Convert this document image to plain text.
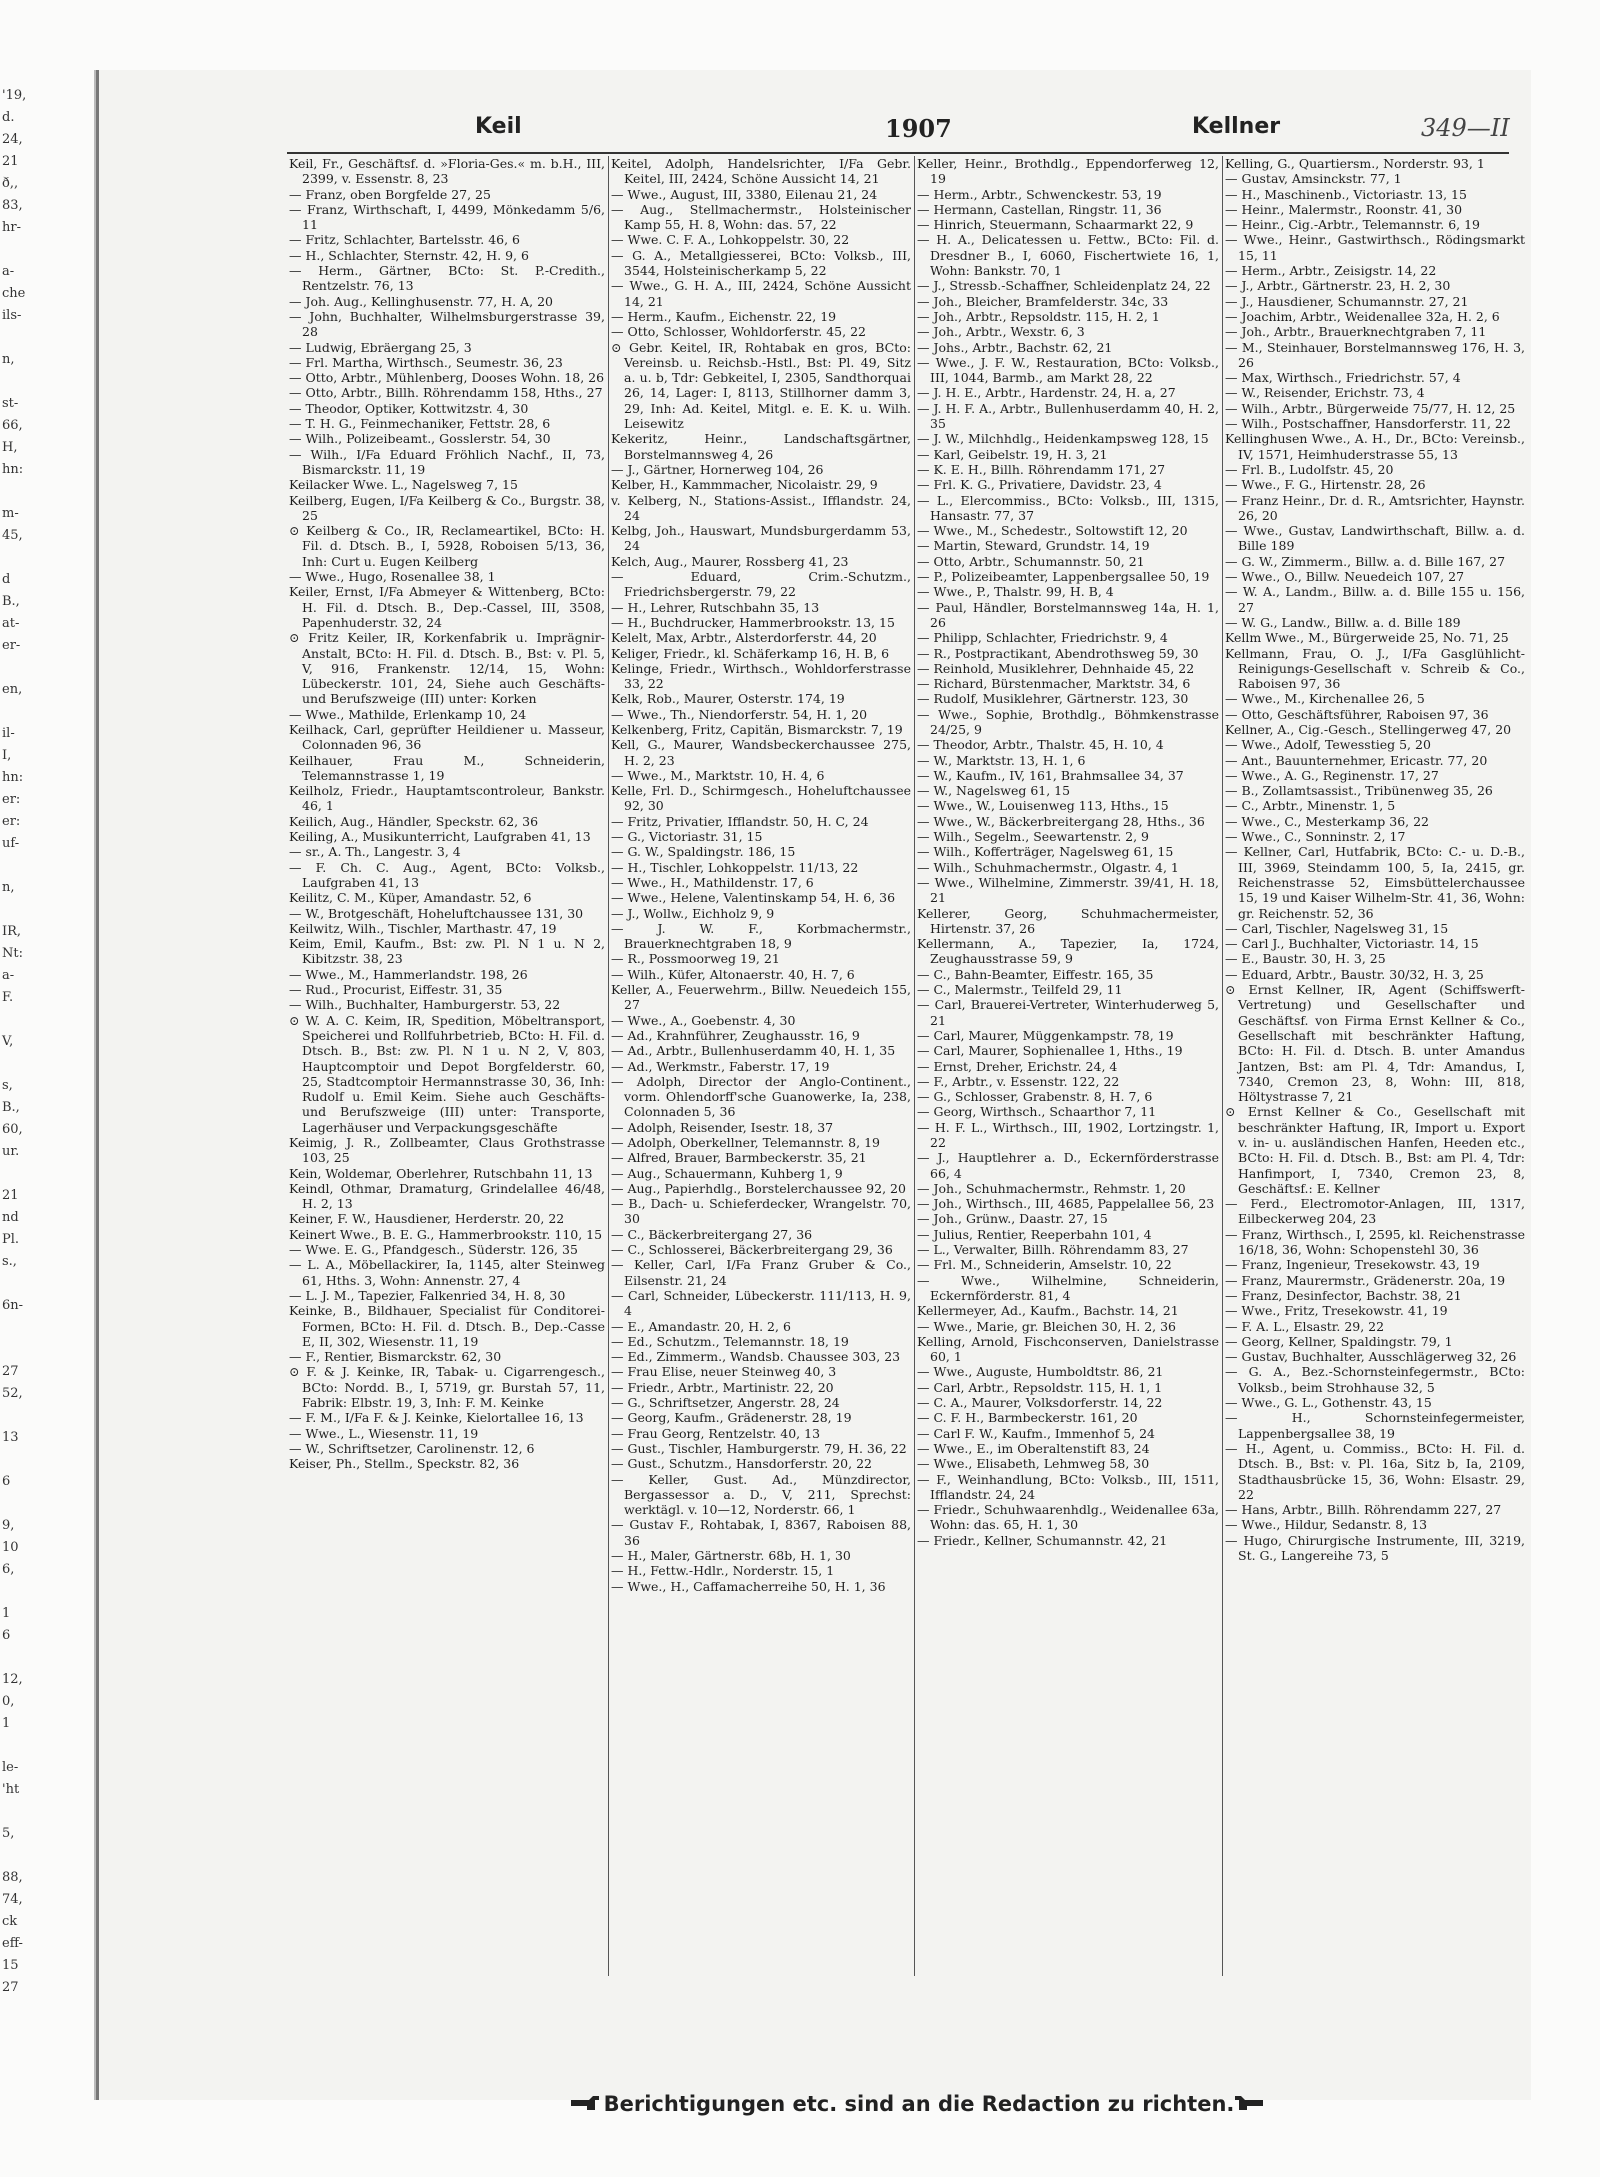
'19,
d.
24,
21
ð,,
83,
hr-
a-
che
ils-
n,
st-
66,
H,
hn:
m-
45,
d
B.,
at-
er-
en,
il-
I,
hn:
er:
er:
uf-
n,
IR,
Nt:
a-
F.
V,
s,
B.,
60,
ur.
21
nd
Pl.
s.,
6n-
27
52,
13
6
9,
10
6,
1
6
12,
0,
1
le-
'ht
5,
88,
74,
ck
eff-
15
27
Keil	1907	Kellner	349—II

Keil, Fr., Geschäftsf. d. »Floria-Ges.« m. b.H., III, 2399, v. Essenstr. 8, 23

— Franz, oben Borgfelde 27, 25

— Franz, Wirthschaft, I, 4499, Mönkedamm 5/6, 11

— Fritz, Schlachter, Bartelsstr. 46, 6

— H., Schlachter, Sternstr. 42, H. 9, 6

— Herm., Gärtner, BCto: St. P.-Credith., Rentzelstr. 76, 13

— Joh. Aug., Kellinghusenstr. 77, H. A, 20

— John, Buchhalter, Wilhelmsburgerstrasse 39, 28

— Ludwig, Ebräergang 25, 3

— Frl. Martha, Wirthsch., Seumestr. 36, 23

— Otto, Arbtr., Mühlenberg, Dooses Wohn. 18, 26

— Otto, Arbtr., Billh. Röhrendamm 158, Hths., 27

— Theodor, Optiker, Kottwitzstr. 4, 30

— T. H. G., Feinmechaniker, Fettstr. 28, 6

— Wilh., Polizeibeamt., Gosslerstr. 54, 30

— Wilh., I/Fa Eduard Fröhlich Nachf., II, 73, Bismarckstr. 11, 19

Keilacker Wwe. L., Nagelsweg 7, 15

Keilberg, Eugen, I/Fa Keilberg & Co., Burgstr. 38, 25

⊙ Keilberg & Co., IR, Reclameartikel, BCto: H. Fil. d. Dtsch. B., I, 5928, Roboisen 5/13, 36, Inh: Curt u. Eugen Keilberg

— Wwe., Hugo, Rosenallee 38, 1

Keiler, Ernst, I/Fa Abmeyer & Wittenberg, BCto: H. Fil. d. Dtsch. B., Dep.-Cassel, III, 3508, Papenhuderstr. 32, 24

⊙ Fritz Keiler, IR, Korkenfabrik u. Imprägnir-Anstalt, BCto: H. Fil. d. Dtsch. B., Bst: v. Pl. 5, V, 916, Frankenstr. 12/14, 15, Wohn: Lübeckerstr. 101, 24, Siehe auch Geschäfts- und Berufszweige (III) unter: Korken

— Wwe., Mathilde, Erlenkamp 10, 24

Keilhack, Carl, geprüfter Heildiener u. Masseur, Colonnaden 96, 36

Keilhauer, Frau M., Schneiderin, Telemannstrasse 1, 19

Keilholz, Friedr., Hauptamtscontroleur, Bankstr. 46, 1

Keilich, Aug., Händler, Speckstr. 62, 36

Keiling, A., Musikunterricht, Laufgraben 41, 13

— sr., A. Th., Langestr. 3, 4

— F. Ch. C. Aug., Agent, BCto: Volksb., Laufgraben 41, 13

Keilitz, C. M., Küper, Amandastr. 52, 6

— W., Brotgeschäft, Hoheluftchaussee 131, 30

Keilwitz, Wilh., Tischler, Marthastr. 47, 19

Keim, Emil, Kaufm., Bst: zw. Pl. N 1 u. N 2, Kibitzstr. 38, 23

— Wwe., M., Hammerlandstr. 198, 26

— Rud., Procurist, Eiffestr. 31, 35

— Wilh., Buchhalter, Hamburgerstr. 53, 22

⊙ W. A. C. Keim, IR, Spedition, Möbeltransport, Speicherei und Rollfuhrbetrieb, BCto: H. Fil. d. Dtsch. B., Bst: zw. Pl. N 1 u. N 2, V, 803, Hauptcomptoir und Depot Borgfelderstr. 60, 25, Stadtcomptoir Hermannstrasse 30, 36, Inh: Rudolf u. Emil Keim. Siehe auch Geschäfts- und Berufszweige (III) unter: Transporte, Lagerhäuser und Verpackungsgeschäfte

Keimig, J. R., Zollbeamter, Claus Grothstrasse 103, 25

Kein, Woldemar, Oberlehrer, Rutschbahn 11, 13

Keindl, Othmar, Dramaturg, Grindelallee 46/48, H. 2, 13

Keiner, F. W., Hausdiener, Herderstr. 20, 22

Keinert Wwe., B. E. G., Hammerbrookstr. 110, 15

— Wwe. E. G., Pfandgesch., Süderstr. 126, 35

— L. A., Möbellackirer, Ia, 1145, alter Steinweg 61, Hths. 3, Wohn: Annenstr. 27, 4

— L. J. M., Tapezier, Falkenried 34, H. 8, 30

Keinke, B., Bildhauer, Specialist für Conditorei-Formen, BCto: H. Fil. d. Dtsch. B., Dep.-Casse E, II, 302, Wiesenstr. 11, 19

— F., Rentier, Bismarckstr. 62, 30

⊙ F. & J. Keinke, IR, Tabak- u. Cigarrengesch., BCto: Nordd. B., I, 5719, gr. Burstah 57, 11, Fabrik: Elbstr. 19, 3, Inh: F. M. Keinke

— F. M., I/Fa F. & J. Keinke, Kielortallee 16, 13

— Wwe., L., Wiesenstr. 11, 19

— W., Schriftsetzer, Carolinenstr. 12, 6

Keiser, Ph., Stellm., Speckstr. 82, 36

Keitel, Adolph, Handelsrichter, I/Fa Gebr. Keitel, III, 2424, Schöne Aussicht 14, 21

— Wwe., August, III, 3380, Eilenau 21, 24

— Aug., Stellmachermstr., Holsteinischer Kamp 55, H. 8, Wohn: das. 57, 22

— Wwe. C. F. A., Lohkoppelstr. 30, 22

— G. A., Metallgiesserei, BCto: Volksb., III, 3544, Holsteinischerkamp 5, 22

— Wwe., G. H. A., III, 2424, Schöne Aussicht 14, 21

— Herm., Kaufm., Eichenstr. 22, 19

— Otto, Schlosser, Wohldorferstr. 45, 22

⊙ Gebr. Keitel, IR, Rohtabak en gros, BCto: Vereinsb. u. Reichsb.-Hstl., Bst: Pl. 49, Sitz a. u. b, Tdr: Gebkeitel, I, 2305, Sandthorquai 26, 14, Lager: I, 8113, Stillhorner damm 3, 29, Inh: Ad. Keitel, Mitgl. e. E. K. u. Wilh. Leisewitz

Kekeritz, Heinr., Landschaftsgärtner, Borstelmannsweg 4, 26

— J., Gärtner, Hornerweg 104, 26

Kelber, H., Kammmacher, Nicolaistr. 29, 9

v. Kelberg, N., Stations-Assist., Ifflandstr. 24, 24

Kelbg, Joh., Hauswart, Mundsburgerdamm 53, 24

Kelch, Aug., Maurer, Rossberg 41, 23

— Eduard, Crim.-Schutzm., Friedrichsbergerstr. 79, 22

— H., Lehrer, Rutschbahn 35, 13

— H., Buchdrucker, Hammerbrookstr. 13, 15

Kelelt, Max, Arbtr., Alsterdorferstr. 44, 20

Keliger, Friedr., kl. Schäferkamp 16, H. B, 6

Kelinge, Friedr., Wirthsch., Wohldorferstrasse 33, 22

Kelk, Rob., Maurer, Osterstr. 174, 19

— Wwe., Th., Niendorferstr. 54, H. 1, 20

Kelkenberg, Fritz, Capitän, Bismarckstr. 7, 19

Kell, G., Maurer, Wandsbeckerchaussee 275, H. 2, 23

— Wwe., M., Marktstr. 10, H. 4, 6

Kelle, Frl. D., Schirmgesch., Hoheluftchaussee 92, 30

— Fritz, Privatier, Ifflandstr. 50, H. C, 24

— G., Victoriastr. 31, 15

— G. W., Spaldingstr. 186, 15

— H., Tischler, Lohkoppelstr. 11/13, 22

— Wwe., H., Mathildenstr. 17, 6

— Wwe., Helene, Valentinskamp 54, H. 6, 36

— J., Wollw., Eichholz 9, 9

— J. W. F., Korbmachermstr., Brauerknechtgraben 18, 9

— R., Possmoorweg 19, 21

— Wilh., Küfer, Altonaerstr. 40, H. 7, 6

Keller, A., Feuerwehrm., Billw. Neuedeich 155, 27

— Wwe., A., Goebenstr. 4, 30

— Ad., Krahnführer, Zeughausstr. 16, 9

— Ad., Arbtr., Bullenhuserdamm 40, H. 1, 35

— Ad., Werkmstr., Faberstr. 17, 19

— Adolph, Director der Anglo-Continent., vorm. Ohlendorff'sche Guanowerke, Ia, 238, Colonnaden 5, 36

— Adolph, Reisender, Isestr. 18, 37

— Adolph, Oberkellner, Telemannstr. 8, 19

— Alfred, Brauer, Barmbeckerstr. 35, 21

— Aug., Schauermann, Kuhberg 1, 9

— Aug., Papierhdlg., Borstelerchaussee 92, 20

— B., Dach- u. Schieferdecker, Wrangelstr. 70, 30

— C., Bäckerbreitergang 27, 36

— C., Schlosserei, Bäckerbreitergang 29, 36

— Keller, Carl, I/Fa Franz Gruber & Co., Eilsenstr. 21, 24

— Carl, Schneider, Lübeckerstr. 111/113, H. 9, 4

— E., Amandastr. 20, H. 2, 6

— Ed., Schutzm., Telemannstr. 18, 19

— Ed., Zimmerm., Wandsb. Chaussee 303, 23

— Frau Elise, neuer Steinweg 40, 3

— Friedr., Arbtr., Martinistr. 22, 20

— G., Schriftsetzer, Angerstr. 28, 24

— Georg, Kaufm., Grädenerstr. 28, 19

— Frau Georg, Rentzelstr. 40, 13

— Gust., Tischler, Hamburgerstr. 79, H. 36, 22

— Gust., Schutzm., Hansdorferstr. 20, 22

— Keller, Gust. Ad., Münzdirector, Bergassessor a. D., V, 211, Sprechst: werktägl. v. 10—12, Norderstr. 66, 1

— Gustav F., Rohtabak, I, 8367, Raboisen 88, 36

— H., Maler, Gärtnerstr. 68b, H. 1, 30

— H., Fettw.-Hdlr., Norderstr. 15, 1

— Wwe., H., Caffamacherreihe 50, H. 1, 36

Keller, Heinr., Brothdlg., Eppendorferweg 12, 19

— Herm., Arbtr., Schwenckestr. 53, 19

— Hermann, Castellan, Ringstr. 11, 36

— Hinrich, Steuermann, Schaarmarkt 22, 9

— H. A., Delicatessen u. Fettw., BCto: Fil. d. Dresdner B., I, 6060, Fischertwiete 16, 1, Wohn: Bankstr. 70, 1

— J., Stressb.-Schaffner, Schleidenplatz 24, 22

— Joh., Bleicher, Bramfelderstr. 34c, 33

— Joh., Arbtr., Repsoldstr. 115, H. 2, 1

— Joh., Arbtr., Wexstr. 6, 3

— Johs., Arbtr., Bachstr. 62, 21

— Wwe., J. F. W., Restauration, BCto: Volksb., III, 1044, Barmb., am Markt 28, 22

— J. H. E., Arbtr., Hardenstr. 24, H. a, 27

— J. H. F. A., Arbtr., Bullenhuserdamm 40, H. 2, 35

— J. W., Milchhdlg., Heidenkampsweg 128, 15

— Karl, Geibelstr. 19, H. 3, 21

— K. E. H., Billh. Röhrendamm 171, 27

— Frl. K. G., Privatiere, Davidstr. 23, 4

— L., Elercommiss., BCto: Volksb., III, 1315, Hansastr. 77, 37

— Wwe., M., Schedestr., Soltowstift 12, 20

— Martin, Steward, Grundstr. 14, 19

— Otto, Arbtr., Schumannstr. 50, 21

— P., Polizeibeamter, Lappenbergsallee 50, 19

— Wwe., P., Thalstr. 99, H. B, 4

— Paul, Händler, Borstelmannsweg 14a, H. 1, 26

— Philipp, Schlachter, Friedrichstr. 9, 4

— R., Postpractikant, Abendrothsweg 59, 30

— Reinhold, Musiklehrer, Dehnhaide 45, 22

— Richard, Bürstenmacher, Marktstr. 34, 6

— Rudolf, Musiklehrer, Gärtnerstr. 123, 30

— Wwe., Sophie, Brothdlg., Böhmkenstrasse 24/25, 9

— Theodor, Arbtr., Thalstr. 45, H. 10, 4

— W., Marktstr. 13, H. 1, 6

— W., Kaufm., IV, 161, Brahmsallee 34, 37

— W., Nagelsweg 61, 15

— Wwe., W., Louisenweg 113, Hths., 15

— Wwe., W., Bäckerbreitergang 28, Hths., 36

— Wilh., Segelm., Seewartenstr. 2, 9

— Wilh., Kofferträger, Nagelsweg 61, 15

— Wilh., Schuhmachermstr., Olgastr. 4, 1

— Wwe., Wilhelmine, Zimmerstr. 39/41, H. 18, 21

Kellerer, Georg, Schuhmachermeister, Hirtenstr. 37, 26

Kellermann, A., Tapezier, Ia, 1724, Zeughausstrasse 59, 9

— C., Bahn-Beamter, Eiffestr. 165, 35

— C., Malermstr., Teilfeld 29, 11

— Carl, Brauerei-Vertreter, Winterhuderweg 5, 21

— Carl, Maurer, Müggenkampstr. 78, 19

— Carl, Maurer, Sophienallee 1, Hths., 19

— Ernst, Dreher, Erichstr. 24, 4

— F., Arbtr., v. Essenstr. 122, 22

— G., Schlosser, Grabenstr. 8, H. 7, 6

— Georg, Wirthsch., Schaarthor 7, 11

— H. F. L., Wirthsch., III, 1902, Lortzingstr. 1, 22

— J., Hauptlehrer a. D., Eckernförderstrasse 66, 4

— Joh., Schuhmachermstr., Rehmstr. 1, 20

— Joh., Wirthsch., III, 4685, Pappelallee 56, 23

— Joh., Grünw., Daastr. 27, 15

— Julius, Rentier, Reeperbahn 101, 4

— L., Verwalter, Billh. Röhrendamm 83, 27

— Frl. M., Schneiderin, Amselstr. 10, 22

— Wwe., Wilhelmine, Schneiderin, Eckernförderstr. 81, 4

Kellermeyer, Ad., Kaufm., Bachstr. 14, 21

— Wwe., Marie, gr. Bleichen 30, H. 2, 36

Kelling, Arnold, Fischconserven, Danielstrasse 60, 1

— Wwe., Auguste, Humboldtstr. 86, 21

— Carl, Arbtr., Repsoldstr. 115, H. 1, 1

— C. A., Maurer, Volksdorferstr. 14, 22

— C. F. H., Barmbeckerstr. 161, 20

— Carl F. W., Kaufm., Immenhof 5, 24

— Wwe., E., im Oberaltenstift 83, 24

— Wwe., Elisabeth, Lehmweg 58, 30

— F., Weinhandlung, BCto: Volksb., III, 1511, Ifflandstr. 24, 24

— Friedr., Schuhwaarenhdlg., Weidenallee 63a, Wohn: das. 65, H. 1, 30

— Friedr., Kellner, Schumannstr. 42, 21

Kelling, G., Quartiersm., Norderstr. 93, 1

— Gustav, Amsinckstr. 77, 1

— H., Maschinenb., Victoriastr. 13, 15

— Heinr., Malermstr., Roonstr. 41, 30

— Heinr., Cig.-Arbtr., Telemannstr. 6, 19

— Wwe., Heinr., Gastwirthsch., Rödingsmarkt 15, 11

— Herm., Arbtr., Zeisigstr. 14, 22

— J., Arbtr., Gärtnerstr. 23, H. 2, 30

— J., Hausdiener, Schumannstr. 27, 21

— Joachim, Arbtr., Weidenallee 32a, H. 2, 6

— Joh., Arbtr., Brauerknechtgraben 7, 11

— M., Steinhauer, Borstelmannsweg 176, H. 3, 26

— Max, Wirthsch., Friedrichstr. 57, 4

— W., Reisender, Erichstr. 73, 4

— Wilh., Arbtr., Bürgerweide 75/77, H. 12, 25

— Wilh., Postschaffner, Hansdorferstr. 11, 22

Kellinghusen Wwe., A. H., Dr., BCto: Vereinsb., IV, 1571, Heimhuderstrasse 55, 13

— Frl. B., Ludolfstr. 45, 20

— Wwe., F. G., Hirtenstr. 28, 26

— Franz Heinr., Dr. d. R., Amtsrichter, Haynstr. 26, 20

— Wwe., Gustav, Landwirthschaft, Billw. a. d. Bille 189

— G. W., Zimmerm., Billw. a. d. Bille 167, 27

— Wwe., O., Billw. Neuedeich 107, 27

— W. A., Landm., Billw. a. d. Bille 155 u. 156, 27

— W. G., Landw., Billw. a. d. Bille 189

Kellm Wwe., M., Bürgerweide 25, No. 71, 25

Kellmann, Frau, O. J., I/Fa Gasglühlicht-Reinigungs-Gesellschaft v. Schreib & Co., Raboisen 97, 36

— Wwe., M., Kirchenallee 26, 5

— Otto, Geschäftsführer, Raboisen 97, 36

Kellner, A., Cig.-Gesch., Stellingerweg 47, 20

— Wwe., Adolf, Tewesstieg 5, 20

— Ant., Bauunternehmer, Ericastr. 77, 20

— Wwe., A. G., Reginenstr. 17, 27

— B., Zollamtsassist., Tribünenweg 35, 26

— C., Arbtr., Minenstr. 1, 5

— Wwe., C., Mesterkamp 36, 22

— Wwe., C., Sonninstr. 2, 17

— Kellner, Carl, Hutfabrik, BCto: C.- u. D.-B., III, 3969, Steindamm 100, 5, Ia, 2415, gr. Reichenstrasse 52, Eimsbüttelerchaussee 15, 19 und Kaiser Wilhelm-Str. 41, 36, Wohn: gr. Reichenstr. 52, 36

— Carl, Tischler, Nagelsweg 31, 15

— Carl J., Buchhalter, Victoriastr. 14, 15

— E., Baustr. 30, H. 3, 25

— Eduard, Arbtr., Baustr. 30/32, H. 3, 25

⊙ Ernst Kellner, IR, Agent (Schiffswerft-Vertretung) und Gesellschafter und Geschäftsf. von Firma Ernst Kellner & Co., Gesellschaft mit beschränkter Haftung, BCto: H. Fil. d. Dtsch. B. unter Amandus Jantzen, Bst: am Pl. 4, Tdr: Amandus, I, 7340, Cremon 23, 8, Wohn: III, 818, Höltystrasse 7, 21

⊙ Ernst Kellner & Co., Gesellschaft mit beschränkter Haftung, IR, Import u. Export v. in- u. ausländischen Hanfen, Heeden etc., BCto: H. Fil. d. Dtsch. B., Bst: am Pl. 4, Tdr: Hanfimport, I, 7340, Cremon 23, 8, Geschäftsf.: E. Kellner

— Ferd., Electromotor-Anlagen, III, 1317, Eilbeckerweg 204, 23

— Franz, Wirthsch., I, 2595, kl. Reichenstrasse 16/18, 36, Wohn: Schopenstehl 30, 36

— Franz, Ingenieur, Tresekowstr. 43, 19

— Franz, Maurermstr., Grädenerstr. 20a, 19

— Franz, Desinfector, Bachstr. 38, 21

— Wwe., Fritz, Tresekowstr. 41, 19

— F. A. L., Elsastr. 29, 22

— Georg, Kellner, Spaldingstr. 79, 1

— Gustav, Buchhalter, Ausschlägerweg 32, 26

— G. A., Bez.-Schornsteinfegermstr., BCto: Volksb., beim Strohhause 32, 5

— Wwe., G. L., Gothenstr. 43, 15

— H., Schornsteinfegermeister, Lappenbergsallee 38, 19

— H., Agent, u. Commiss., BCto: H. Fil. d. Dtsch. B., Bst: v. Pl. 16a, Sitz b, Ia, 2109, Stadthausbrücke 15, 36, Wohn: Elsastr. 29, 22

— Hans, Arbtr., Billh. Röhrendamm 227, 27

— Wwe., Hildur, Sedanstr. 8, 13

— Hugo, Chirurgische Instrumente, III, 3219, St. G., Langereihe 73, 5

Berichtigungen etc. sind an die Redaction zu richten.
